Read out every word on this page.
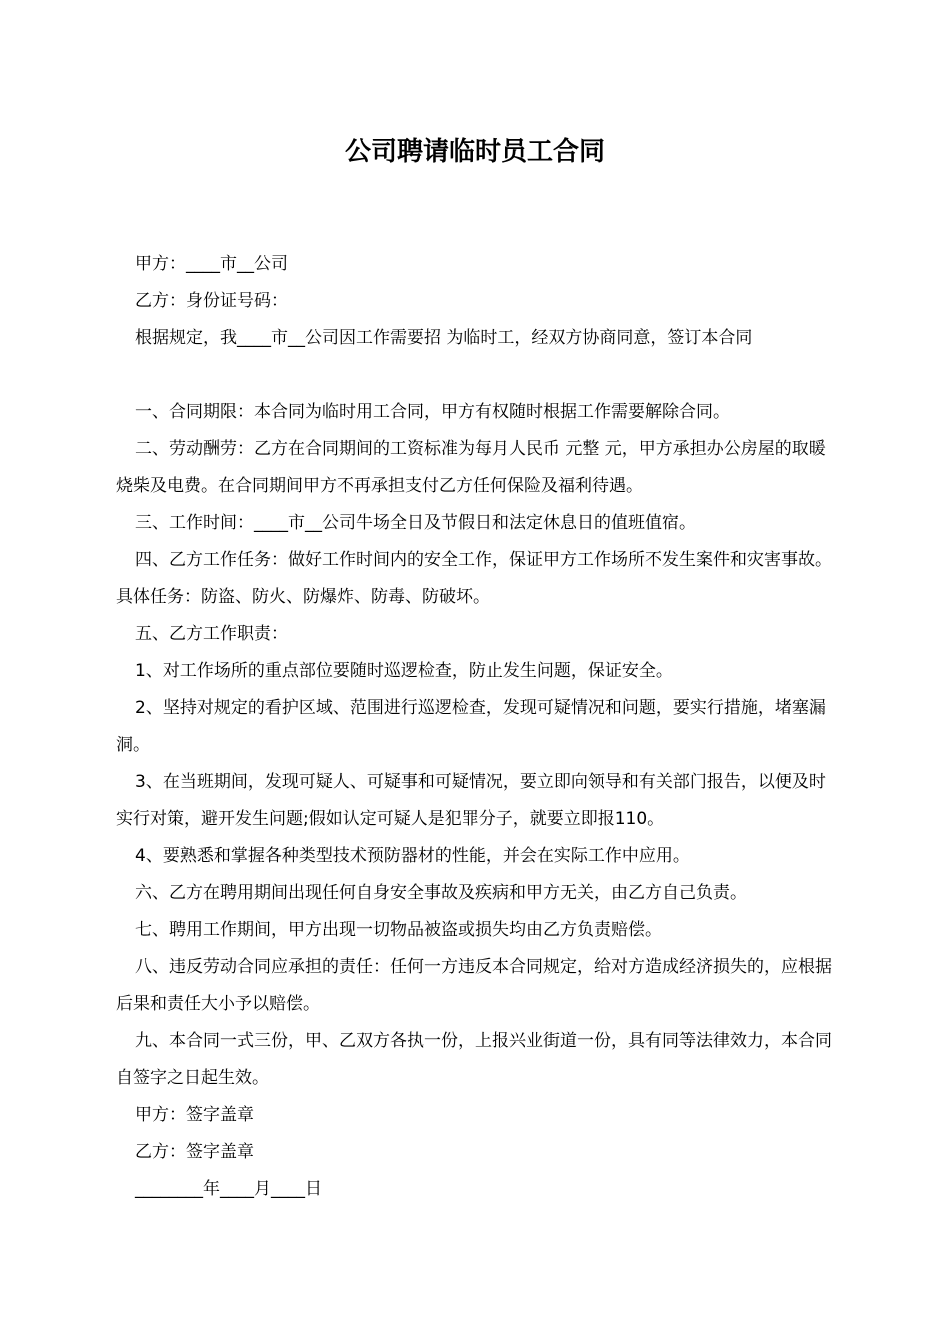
公司聘请临时员工合同

甲方：____市__公司

乙方：身份证号码：

根据规定，我____市__公司因工作需要招 为临时工，经双方协商同意，签订本合同

一、合同期限：本合同为临时用工合同，甲方有权随时根据工作需要解除合同。

二、劳动酬劳：乙方在合同期间的工资标准为每月人民币 元整 元，甲方承担办公房屋的取暖烧柴及电费。在合同期间甲方不再承担支付乙方任何保险及福利待遇。

三、工作时间：____市__公司牛场全日及节假日和法定休息日的值班值宿。

四、乙方工作任务：做好工作时间内的安全工作，保证甲方工作场所不发生案件和灾害事故。具体任务：防盗、防火、防爆炸、防毒、防破坏。

五、乙方工作职责：

1、对工作场所的重点部位要随时巡逻检查，防止发生问题，保证安全。

2、坚持对规定的看护区域、范围进行巡逻检查，发现可疑情况和问题，要实行措施，堵塞漏洞。

3、在当班期间，发现可疑人、可疑事和可疑情况，要立即向领导和有关部门报告，以便及时实行对策，避开发生问题;假如认定可疑人是犯罪分子，就要立即报110。

4、要熟悉和掌握各种类型技术预防器材的性能，并会在实际工作中应用。

六、乙方在聘用期间出现任何自身安全事故及疾病和甲方无关，由乙方自己负责。

七、聘用工作期间，甲方出现一切物品被盗或损失均由乙方负责赔偿。

八、违反劳动合同应承担的责任：任何一方违反本合同规定，给对方造成经济损失的，应根据后果和责任大小予以赔偿。

九、本合同一式三份，甲、乙双方各执一份，上报兴业街道一份，具有同等法律效力，本合同自签字之日起生效。

甲方：签字盖章

乙方：签字盖章

________年____月____日
